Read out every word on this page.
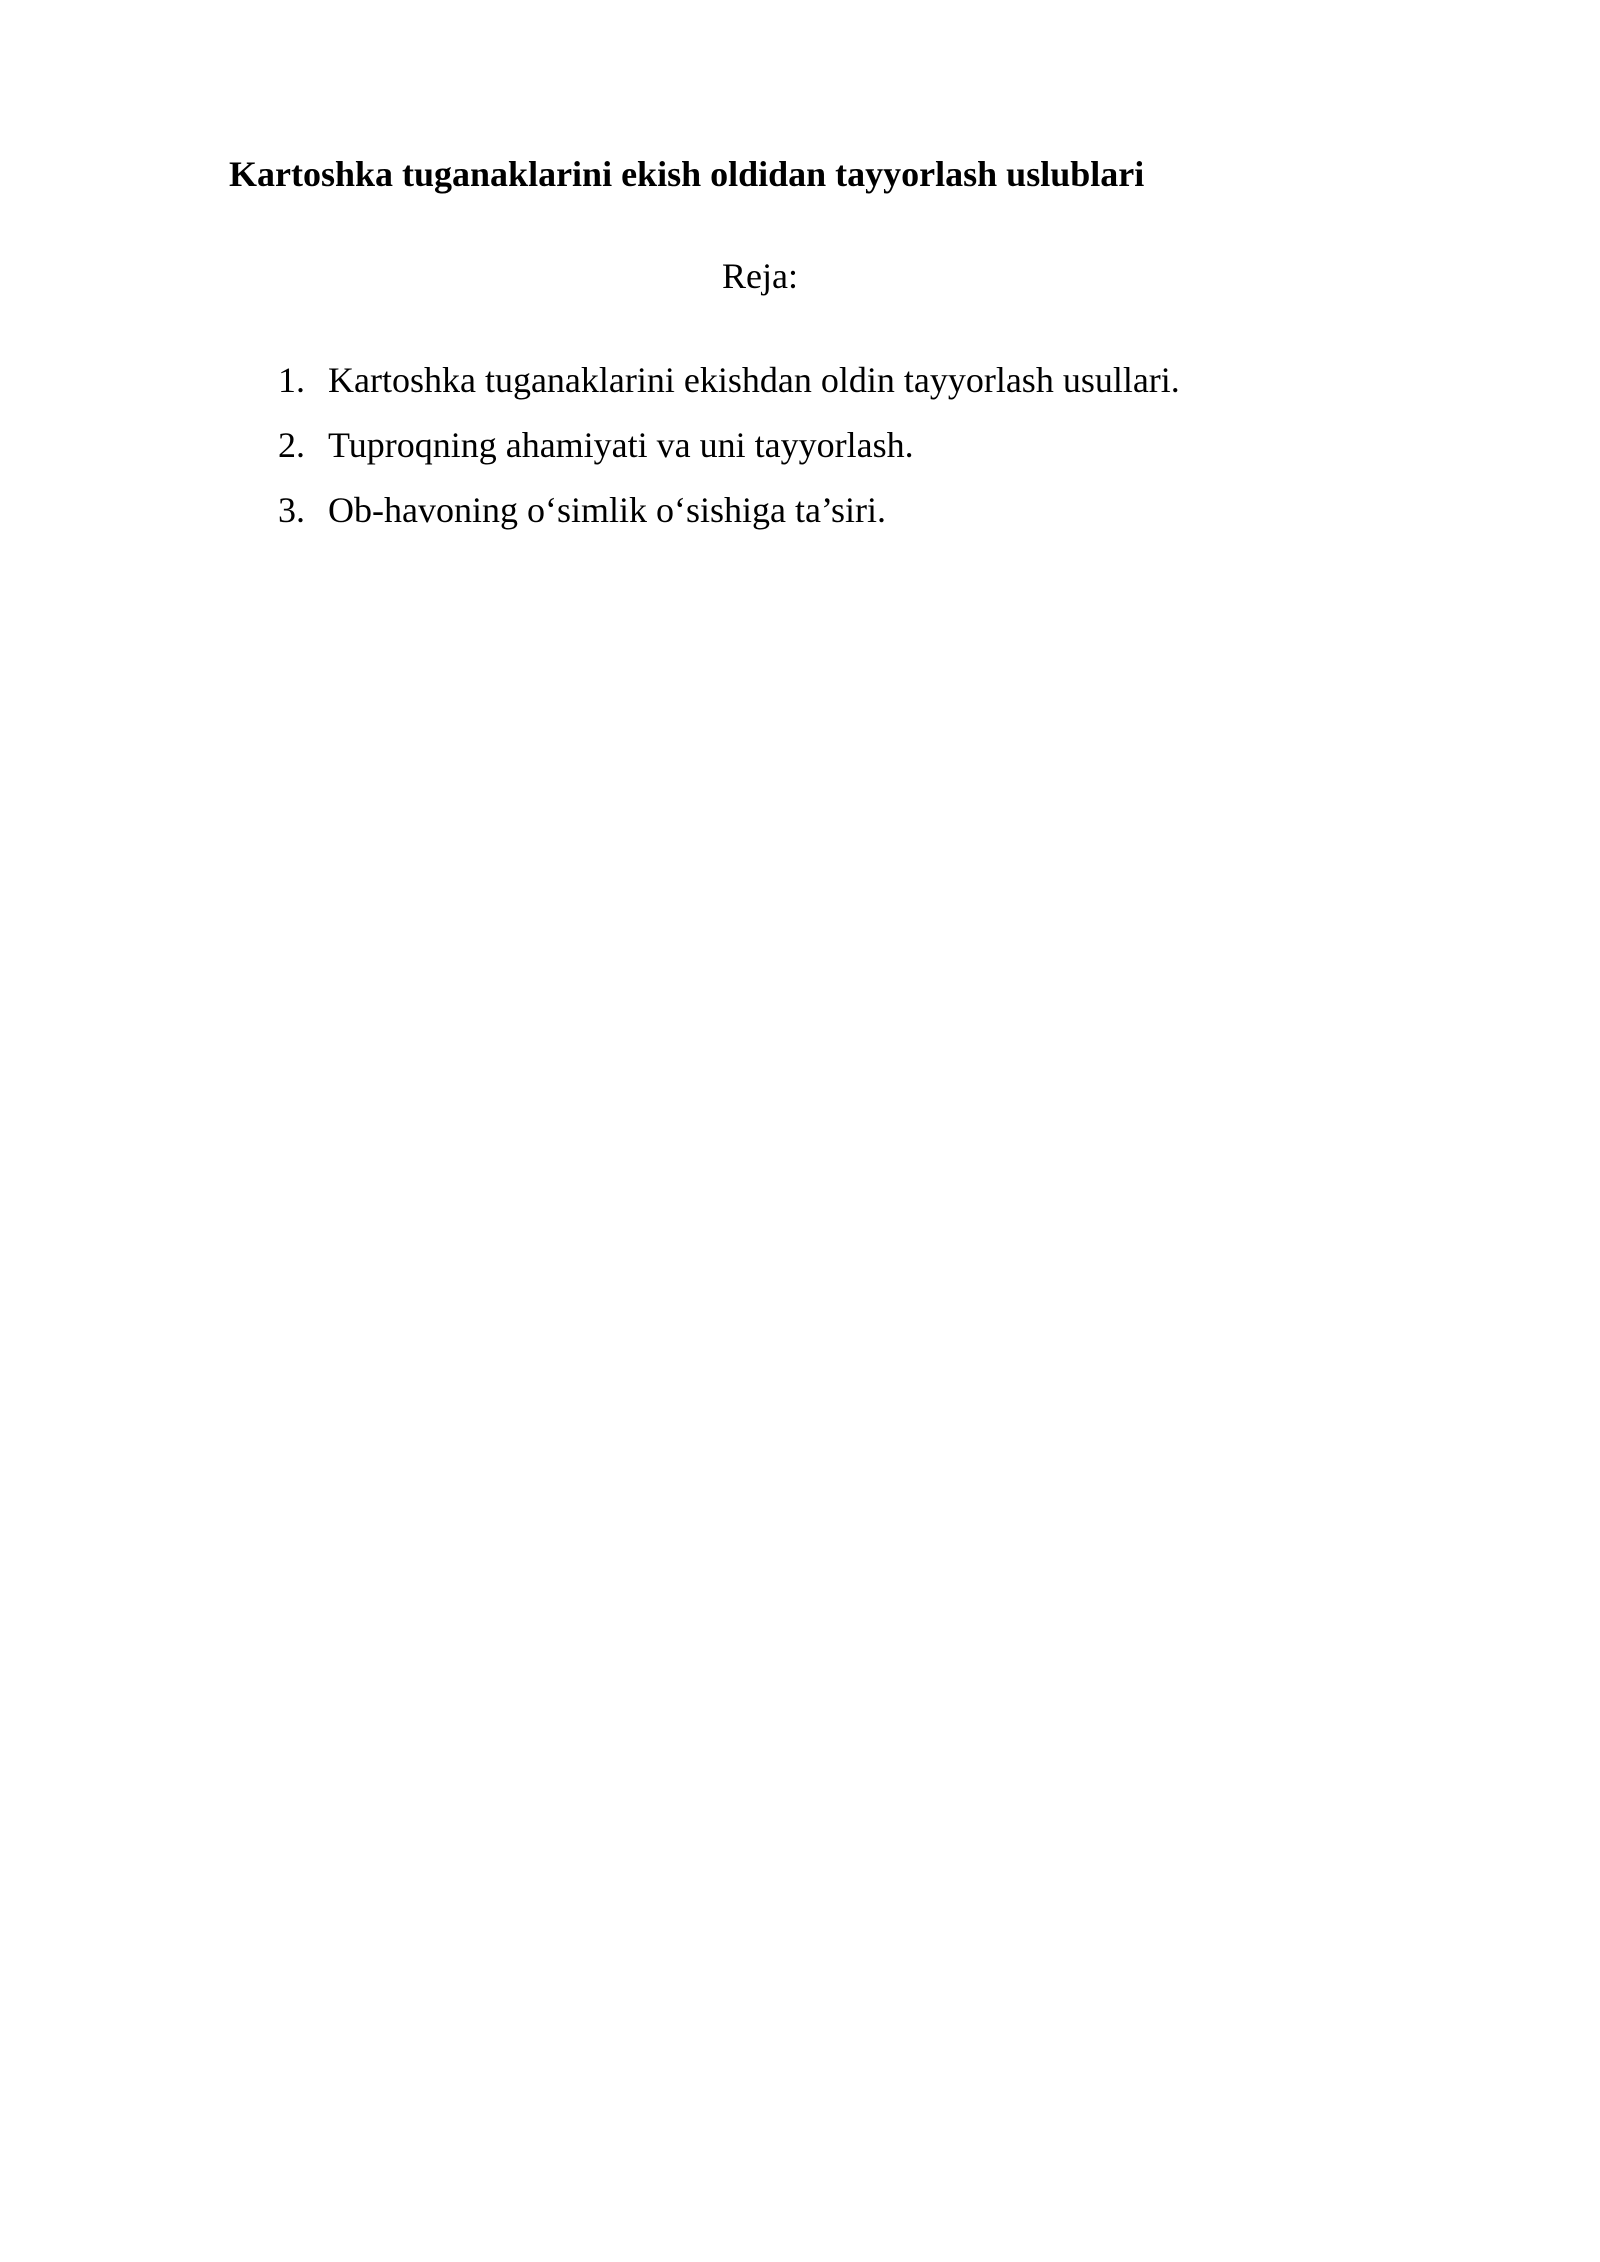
Kartoshka tuganaklarini ekish oldidan tayyorlash uslublari
Reja:
1. Kartoshka tuganaklarini ekishdan oldin tayyorlash usullari.
2. Tuproqning ahamiyati va uni tayyorlash.
3. Ob-havoning o‘simlik o‘sishiga ta’siri.
